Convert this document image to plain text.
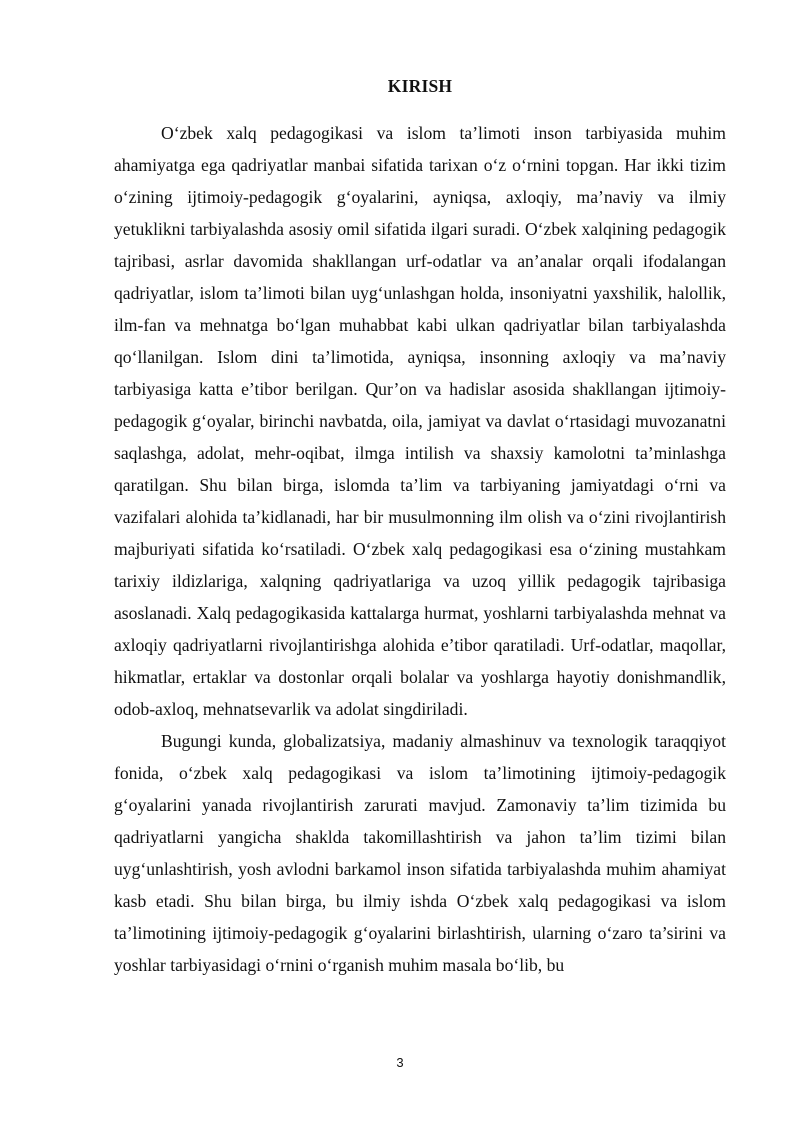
KIRISH

O‘zbek xalq pedagogikasi va islom ta’limoti inson tarbiyasida muhim ahamiyatga ega qadriyatlar manbai sifatida tarixan o‘z o‘rnini topgan. Har ikki tizim o‘zining ijtimoiy-pedagogik g‘oyalarini, ayniqsa, axloqiy, ma’naviy va ilmiy yetuklikni tarbiyalashda asosiy omil sifatida ilgari suradi. O‘zbek xalqining pedagogik tajribasi, asrlar davomida shakllangan urf-odatlar va an’analar orqali ifodalangan qadriyatlar, islom ta’limoti bilan uyg‘unlashgan holda, insoniyatni yaxshilik, halollik, ilm-fan va mehnatga bo‘lgan muhabbat kabi ulkan qadriyatlar bilan tarbiyalashda qo‘llanilgan. Islom dini ta’limotida, ayniqsa, insonning axloqiy va ma’naviy tarbiyasiga katta e’tibor berilgan. Qur’on va hadislar asosida shakllangan ijtimoiy-pedagogik g‘oyalar, birinchi navbatda, oila, jamiyat va davlat o‘rtasidagi muvozanatni saqlashga, adolat, mehr-oqibat, ilmga intilish va shaxsiy kamolotni ta’minlashga qaratilgan. Shu bilan birga, islomda ta’lim va tarbiyaning jamiyatdagi o‘rni va vazifalari alohida ta’kidlanadi, har bir musulmonning ilm olish va o‘zini rivojlantirish majburiyati sifatida ko‘rsatiladi. O‘zbek xalq pedagogikasi esa o‘zining mustahkam tarixiy ildizlariga, xalqning qadriyatlariga va uzoq yillik pedagogik tajribasiga asoslanadi. Xalq pedagogikasida kattalarga hurmat, yoshlarni tarbiyalashda mehnat va axloqiy qadriyatlarni rivojlantirishga alohida e’tibor qaratiladi. Urf-odatlar, maqollar, hikmatlar, ertaklar va dostonlar orqali bolalar va yoshlarga hayotiy donishmandlik, odob-axloq, mehnatsevarlik va adolat singdiriladi.

Bugungi kunda, globalizatsiya, madaniy almashinuv va texnologik taraqqiyot fonida, o‘zbek xalq pedagogikasi va islom ta’limotining ijtimoiy-pedagogik g‘oyalarini yanada rivojlantirish zarurati mavjud. Zamonaviy ta’lim tizimida bu qadriyatlarni yangicha shaklda takomillashtirish va jahon ta’lim tizimi bilan uyg‘unlashtirish, yosh avlodni barkamol inson sifatida tarbiyalashda muhim ahamiyat kasb etadi. Shu bilan birga, bu ilmiy ishda O‘zbek xalq pedagogikasi va islom ta’limotining ijtimoiy-pedagogik g‘oyalarini birlashtirish, ularning o‘zaro ta’sirini va yoshlar tarbiyasidagi o‘rnini o‘rganish muhim masala bo‘lib, bu

3
